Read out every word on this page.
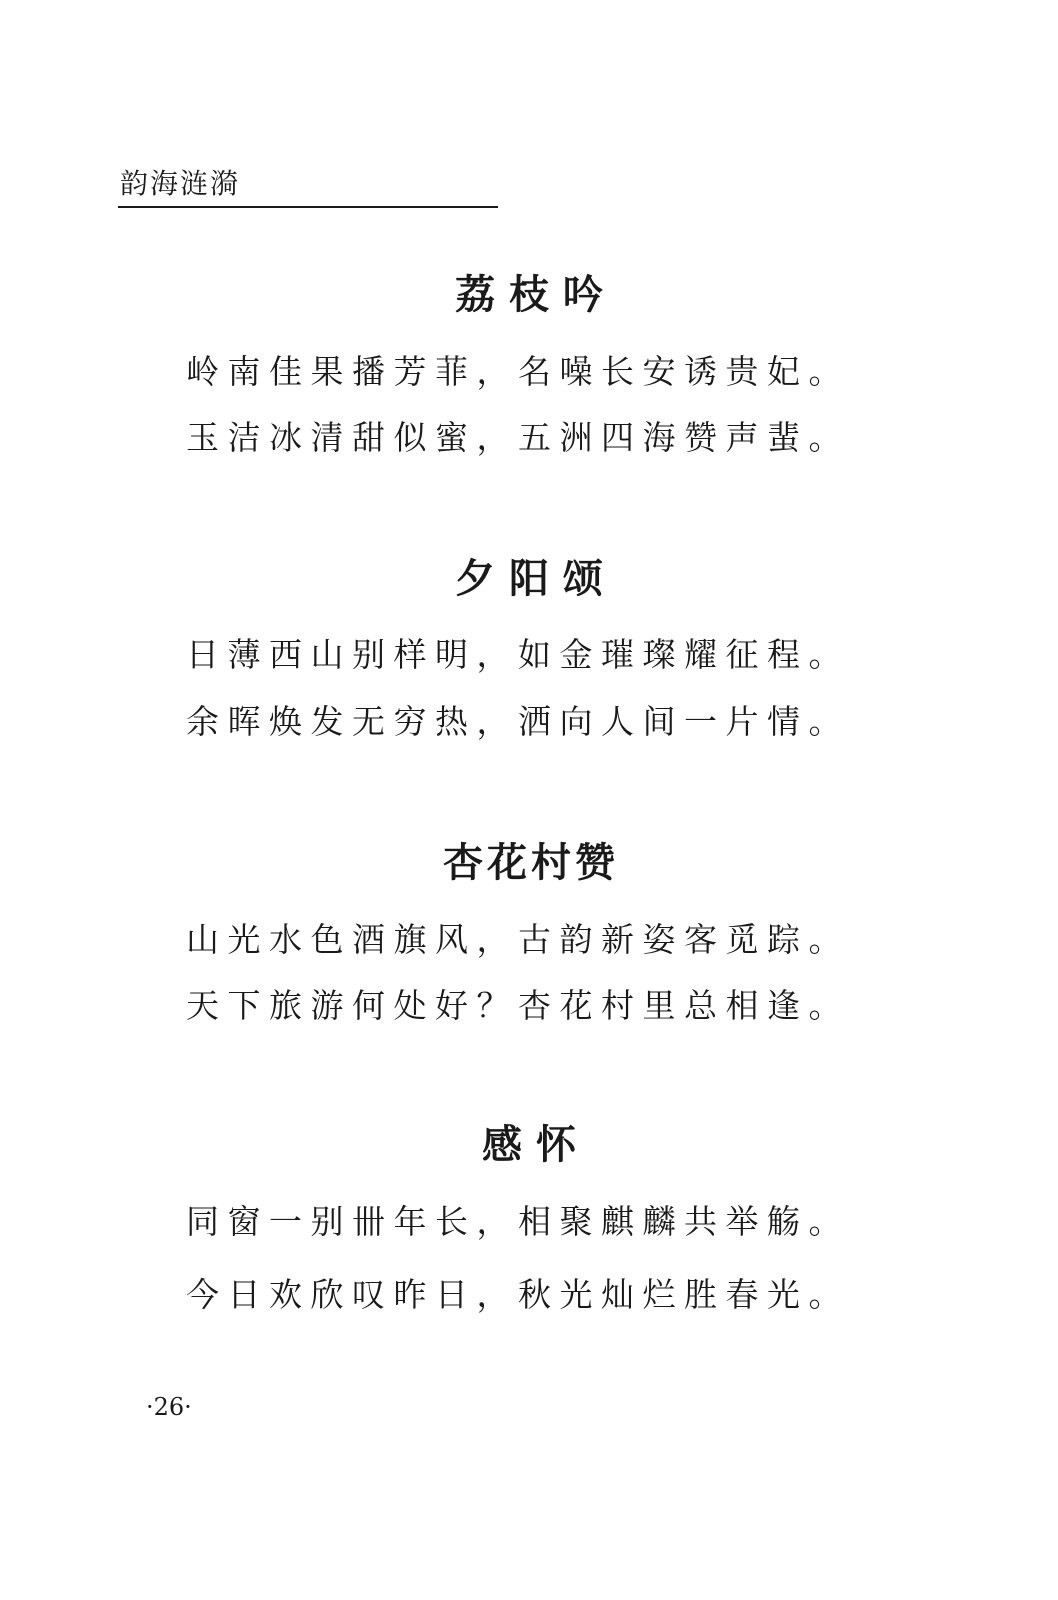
韵海涟漪
荔 枝 吟
岭南佳果播芳菲，名噪长安诱贵妃。
玉洁冰清甜似蜜，五洲四海赞声蜚。
夕 阳 颂
日薄西山别样明，如金璀璨耀征程。
余晖焕发无穷热，洒向人间一片情。
杏花村赞
山光水色酒旗风，古韵新姿客觅踪。
天下旅游何处好？杏花村里总相逢。
感 怀
同窗一别卌年长，相聚麒麟共举觞。
今日欢欣叹昨日，秋光灿烂胜春光。
·26·
